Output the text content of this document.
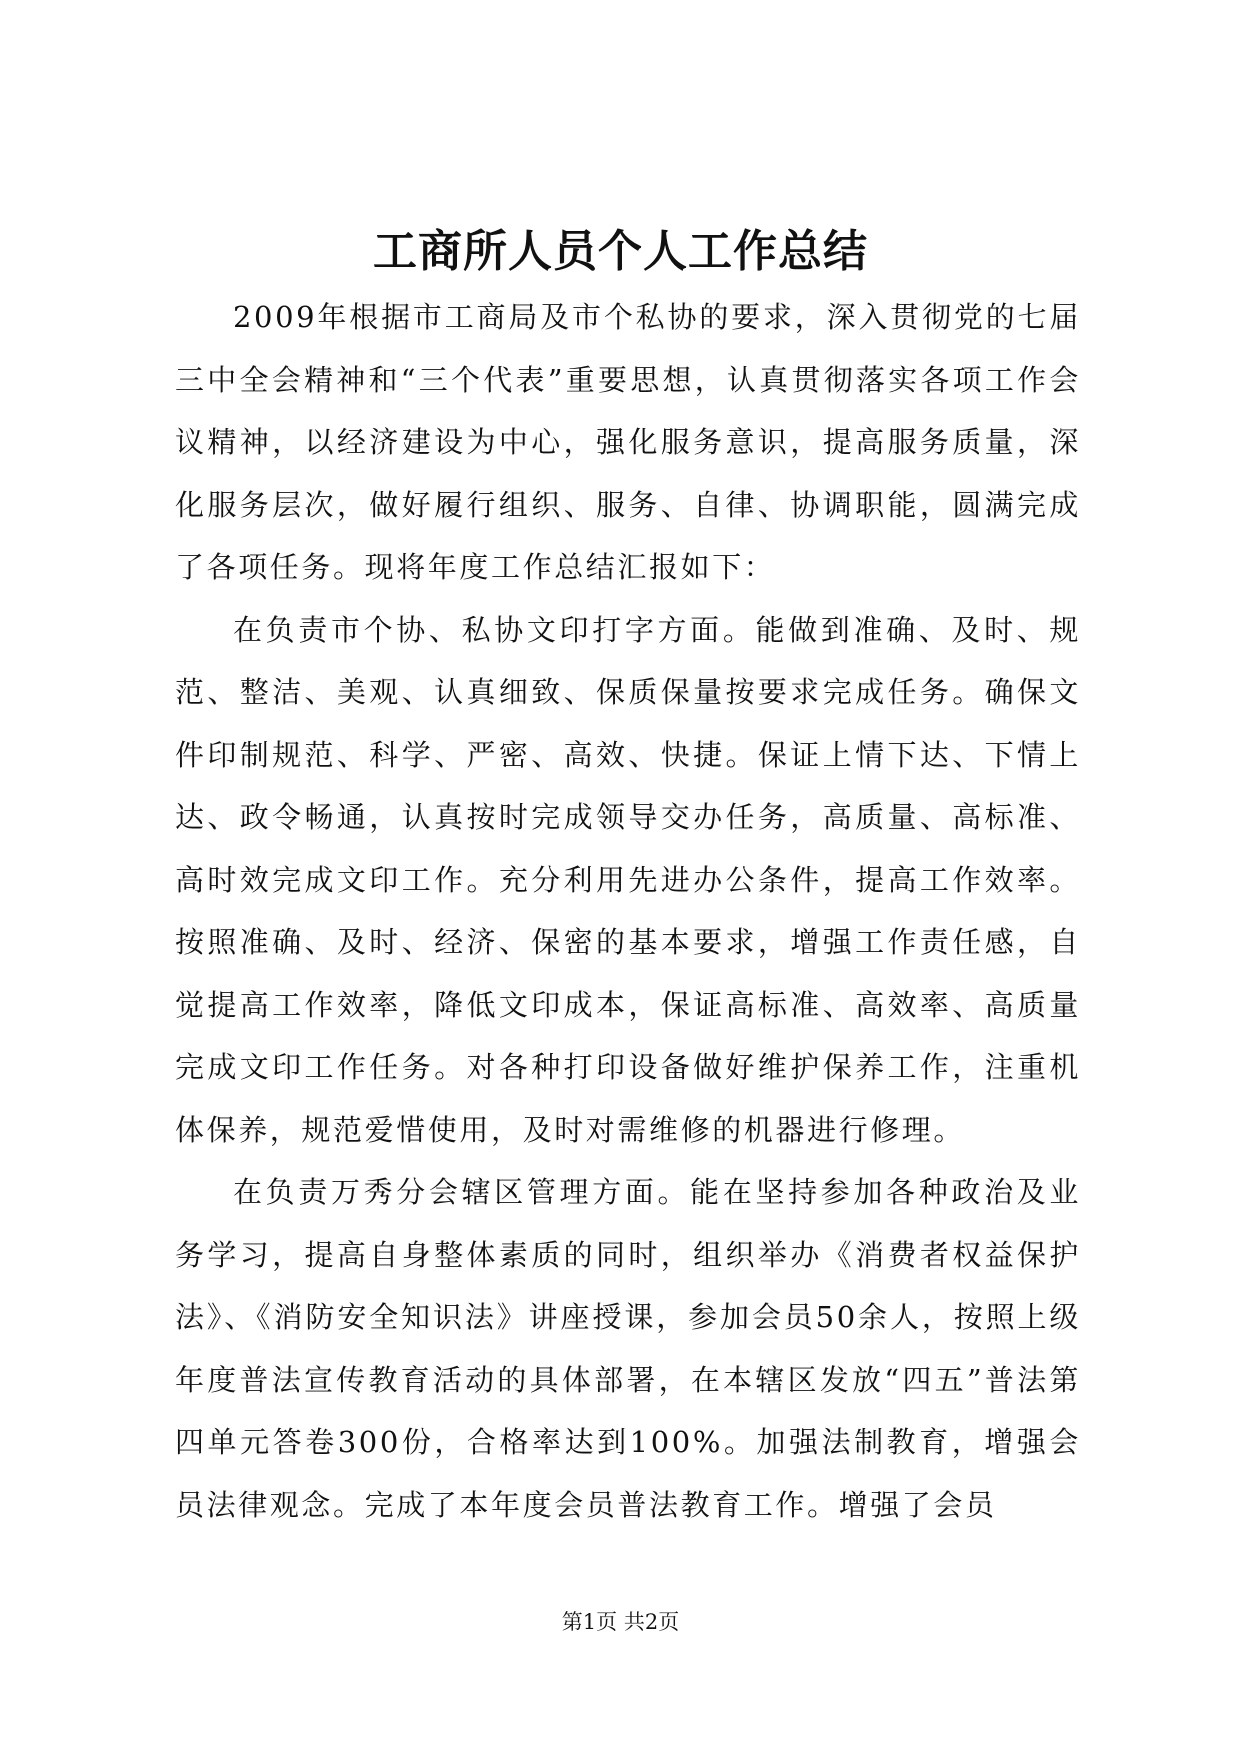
工商所人员个人工作总结

2009年根据市工商局及市个私协的要求，深入贯彻党的七届三中全会精神和“三个代表”重要思想，认真贯彻落实各项工作会议精神，以经济建设为中心，强化服务意识，提高服务质量，深化服务层次，做好履行组织、服务、自律、协调职能，圆满完成了各项任务。现将年度工作总结汇报如下：

在负责市个协、私协文印打字方面。能做到准确、及时、规范、整洁、美观、认真细致、保质保量按要求完成任务。确保文件印制规范、科学、严密、高效、快捷。保证上情下达、下情上达、政令畅通，认真按时完成领导交办任务，高质量、高标准、高时效完成文印工作。充分利用先进办公条件，提高工作效率。按照准确、及时、经济、保密的基本要求，增强工作责任感，自觉提高工作效率，降低文印成本，保证高标准、高效率、高质量完成文印工作任务。对各种打印设备做好维护保养工作，注重机体保养，规范爱惜使用，及时对需维修的机器进行修理。

在负责万秀分会辖区管理方面。能在坚持参加各种政治及业务学习，提高自身整体素质的同时，组织举办《消费者权益保护法》、《消防安全知识法》讲座授课，参加会员50余人，按照上级年度普法宣传教育活动的具体部署，在本辖区发放“四五”普法第四单元答卷300份，合格率达到100%。加强法制教育，增强会员法律观念。完成了本年度会员普法教育工作。增强了会员

第1页 共2页
